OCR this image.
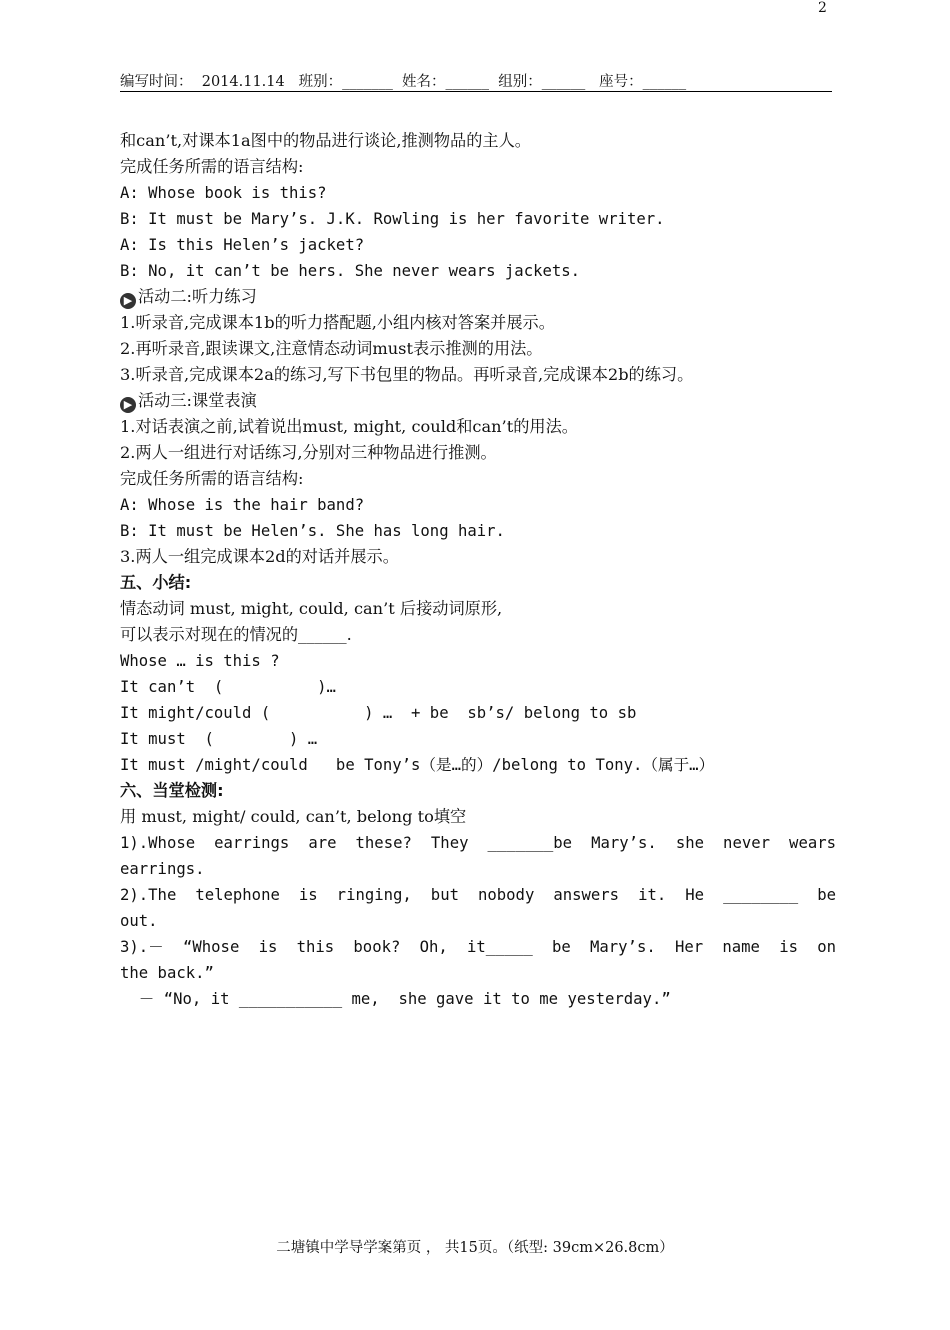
2
编写时间：  2014.11.14   班别：_______  姓名：______  组别：______   座号：______
和can’t,对课本1a图中的物品进行谈论,推测物品的主人。
完成任务所需的语言结构:
A: Whose book is this?
B: It must be Mary’s. J.K. Rowling is her favorite writer.
A: Is this Helen’s jacket?
B: No, it can’t be hers. She never wears jackets.
▶ 活动二:听力练习
1.听录音,完成课本1b的听力搭配题,小组内核对答案并展示。
2.再听录音,跟读课文,注意情态动词must表示推测的用法。
3.听录音,完成课本2a的练习,写下书包里的物品。再听录音,完成课本2b的练习。
▶ 活动三:课堂表演
1.对话表演之前,试着说出must, might, could和can’t的用法。
2.两人一组进行对话练习,分别对三种物品进行推测。
完成任务所需的语言结构:
A: Whose is the hair band?
B: It must be Helen’s. She has long hair.
3.两人一组完成课本2d的对话并展示。
五、小结:
情态动词 must, might, could, can’t 后接动词原形,
可以表示对现在的情况的______.
Whose … is this ?
It can’t  (          )…
It might/could (          ) …  + be  sb’s/ belong to sb
It must  (        ) …
It must /might/could   be Tony’s（是…的）/belong to Tony.（属于…）
六、当堂检测:
用 must, might/ could, can’t, belong to填空
1).Whose earrings are these? They _______be Mary’s. she never wears
earrings.
2).The telephone is ringing, but nobody answers it. He ________ be
out.
3).－ “Whose is this book? Oh, it_____ be Mary’s. Her name is on
the back.”
－ “No, it ___________ me,  she gave it to me yesterday.”
二塘镇中学导学案第页 ， 共15页。（纸型: 39cm×26.8cm）
